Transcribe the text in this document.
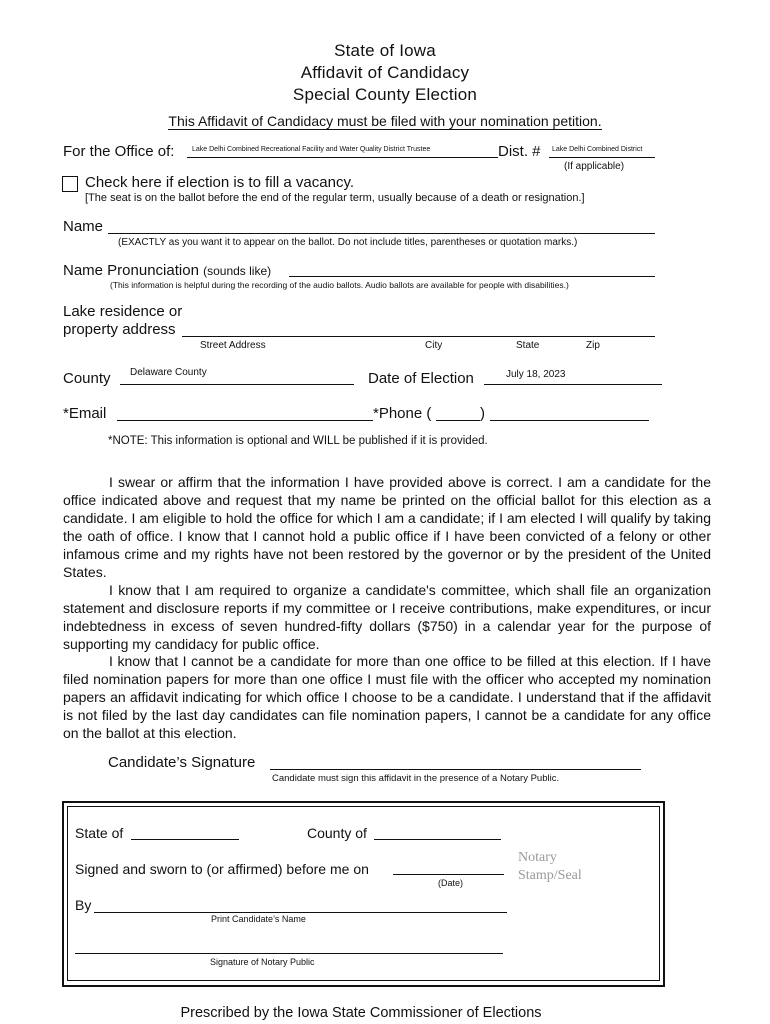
State of Iowa
Affidavit of Candidacy
Special County Election
This Affidavit of Candidacy must be filed with your nomination petition.
For the Office of:	Lake Delhi Combined Recreational Facility and Water Quality District Trustee	Dist. # Lake Delhi Combined District
(If applicable)
Check here if election is to fill a vacancy.
[The seat is on the ballot before the end of the regular term, usually because of a death or resignation.]
Name
(EXACTLY as you want it to appear on the ballot. Do not include titles, parentheses or quotation marks.)
Name Pronunciation (sounds like)
(This information is helpful during the recording of the audio ballots. Audio ballots are available for people with disabilities.)
Lake residence or
property address
Street Address	City	State	Zip
County Delaware County	Date of Election	July 18, 2023
*Email	*Phone (	)
*NOTE: This information is optional and WILL be published if it is provided.

I swear or affirm that the information I have provided above is correct. I am a candidate for the office indicated above and request that my name be printed on the official ballot for this election as a candidate. I am eligible to hold the office for which I am a candidate; if I am elected I will qualify by taking the oath of office. I know that I cannot hold a public office if I have been convicted of a felony or other infamous crime and my rights have not been restored by the governor or by the president of the United States.

I know that I am required to organize a candidate's committee, which shall file an organization statement and disclosure reports if my committee or I receive contributions, make expenditures, or incur indebtedness in excess of seven hundred-fifty dollars ($750) in a calendar year for the purpose of supporting my candidacy for public office.

I know that I cannot be a candidate for more than one office to be filled at this election. If I have filed nomination papers for more than one office I must file with the officer who accepted my nomination papers an affidavit indicating for which office I choose to be a candidate. I understand that if the affidavit is not filed by the last day candidates can file nomination papers, I cannot be a candidate for any office on the ballot at this election.

Candidate’s Signature
Candidate must sign this affidavit in the presence of a Notary Public.
State of	County of
Signed and sworn to (or affirmed) before me on
(Date)
Notary
Stamp/Seal
By
Print Candidate’s Name
Signature of Notary Public
Prescribed by the Iowa State Commissioner of Elections
